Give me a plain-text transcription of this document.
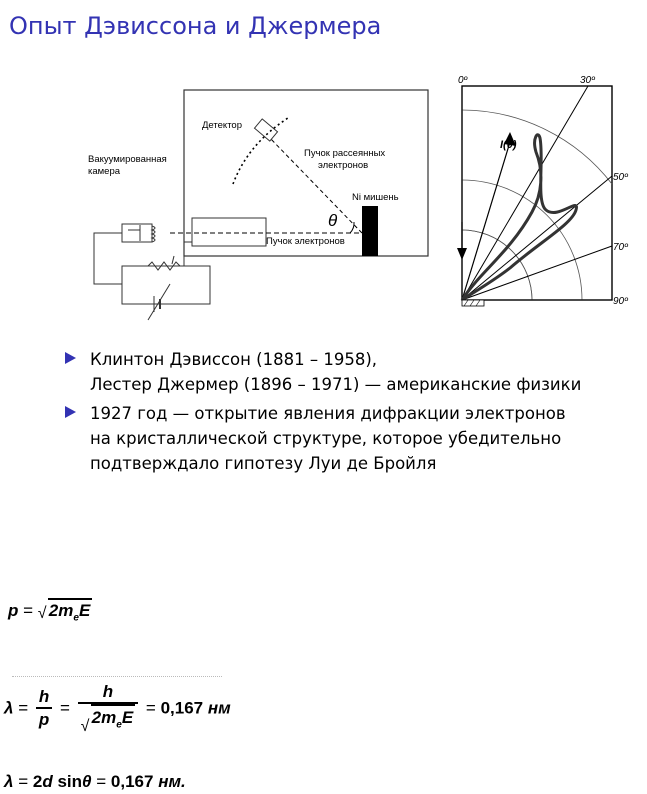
Опыт Дэвиссона и Джермера
Вакуумированная
камера
Детектор
Пучок рассеянных
электронов
Ni мишень
Пучок электронов
θ
0º	30º
50º
70º
90º
I(θ)
Клинтон Дэвиссон (1881 – 1958),
Лестер Джермер (1896 – 1971) — американские физики
1927 год — открытие явления дифракции электронов
на кристаллической структуре, которое убедительно
подтверждало гипотезу Луи де Бройля
p = √ $2m_eE$
$\lambda = \frac{h}{p} = \frac{h}{√ 2m_eE} = 0,167$ нм
λ = 2d sinθ = 0,167 нм.
